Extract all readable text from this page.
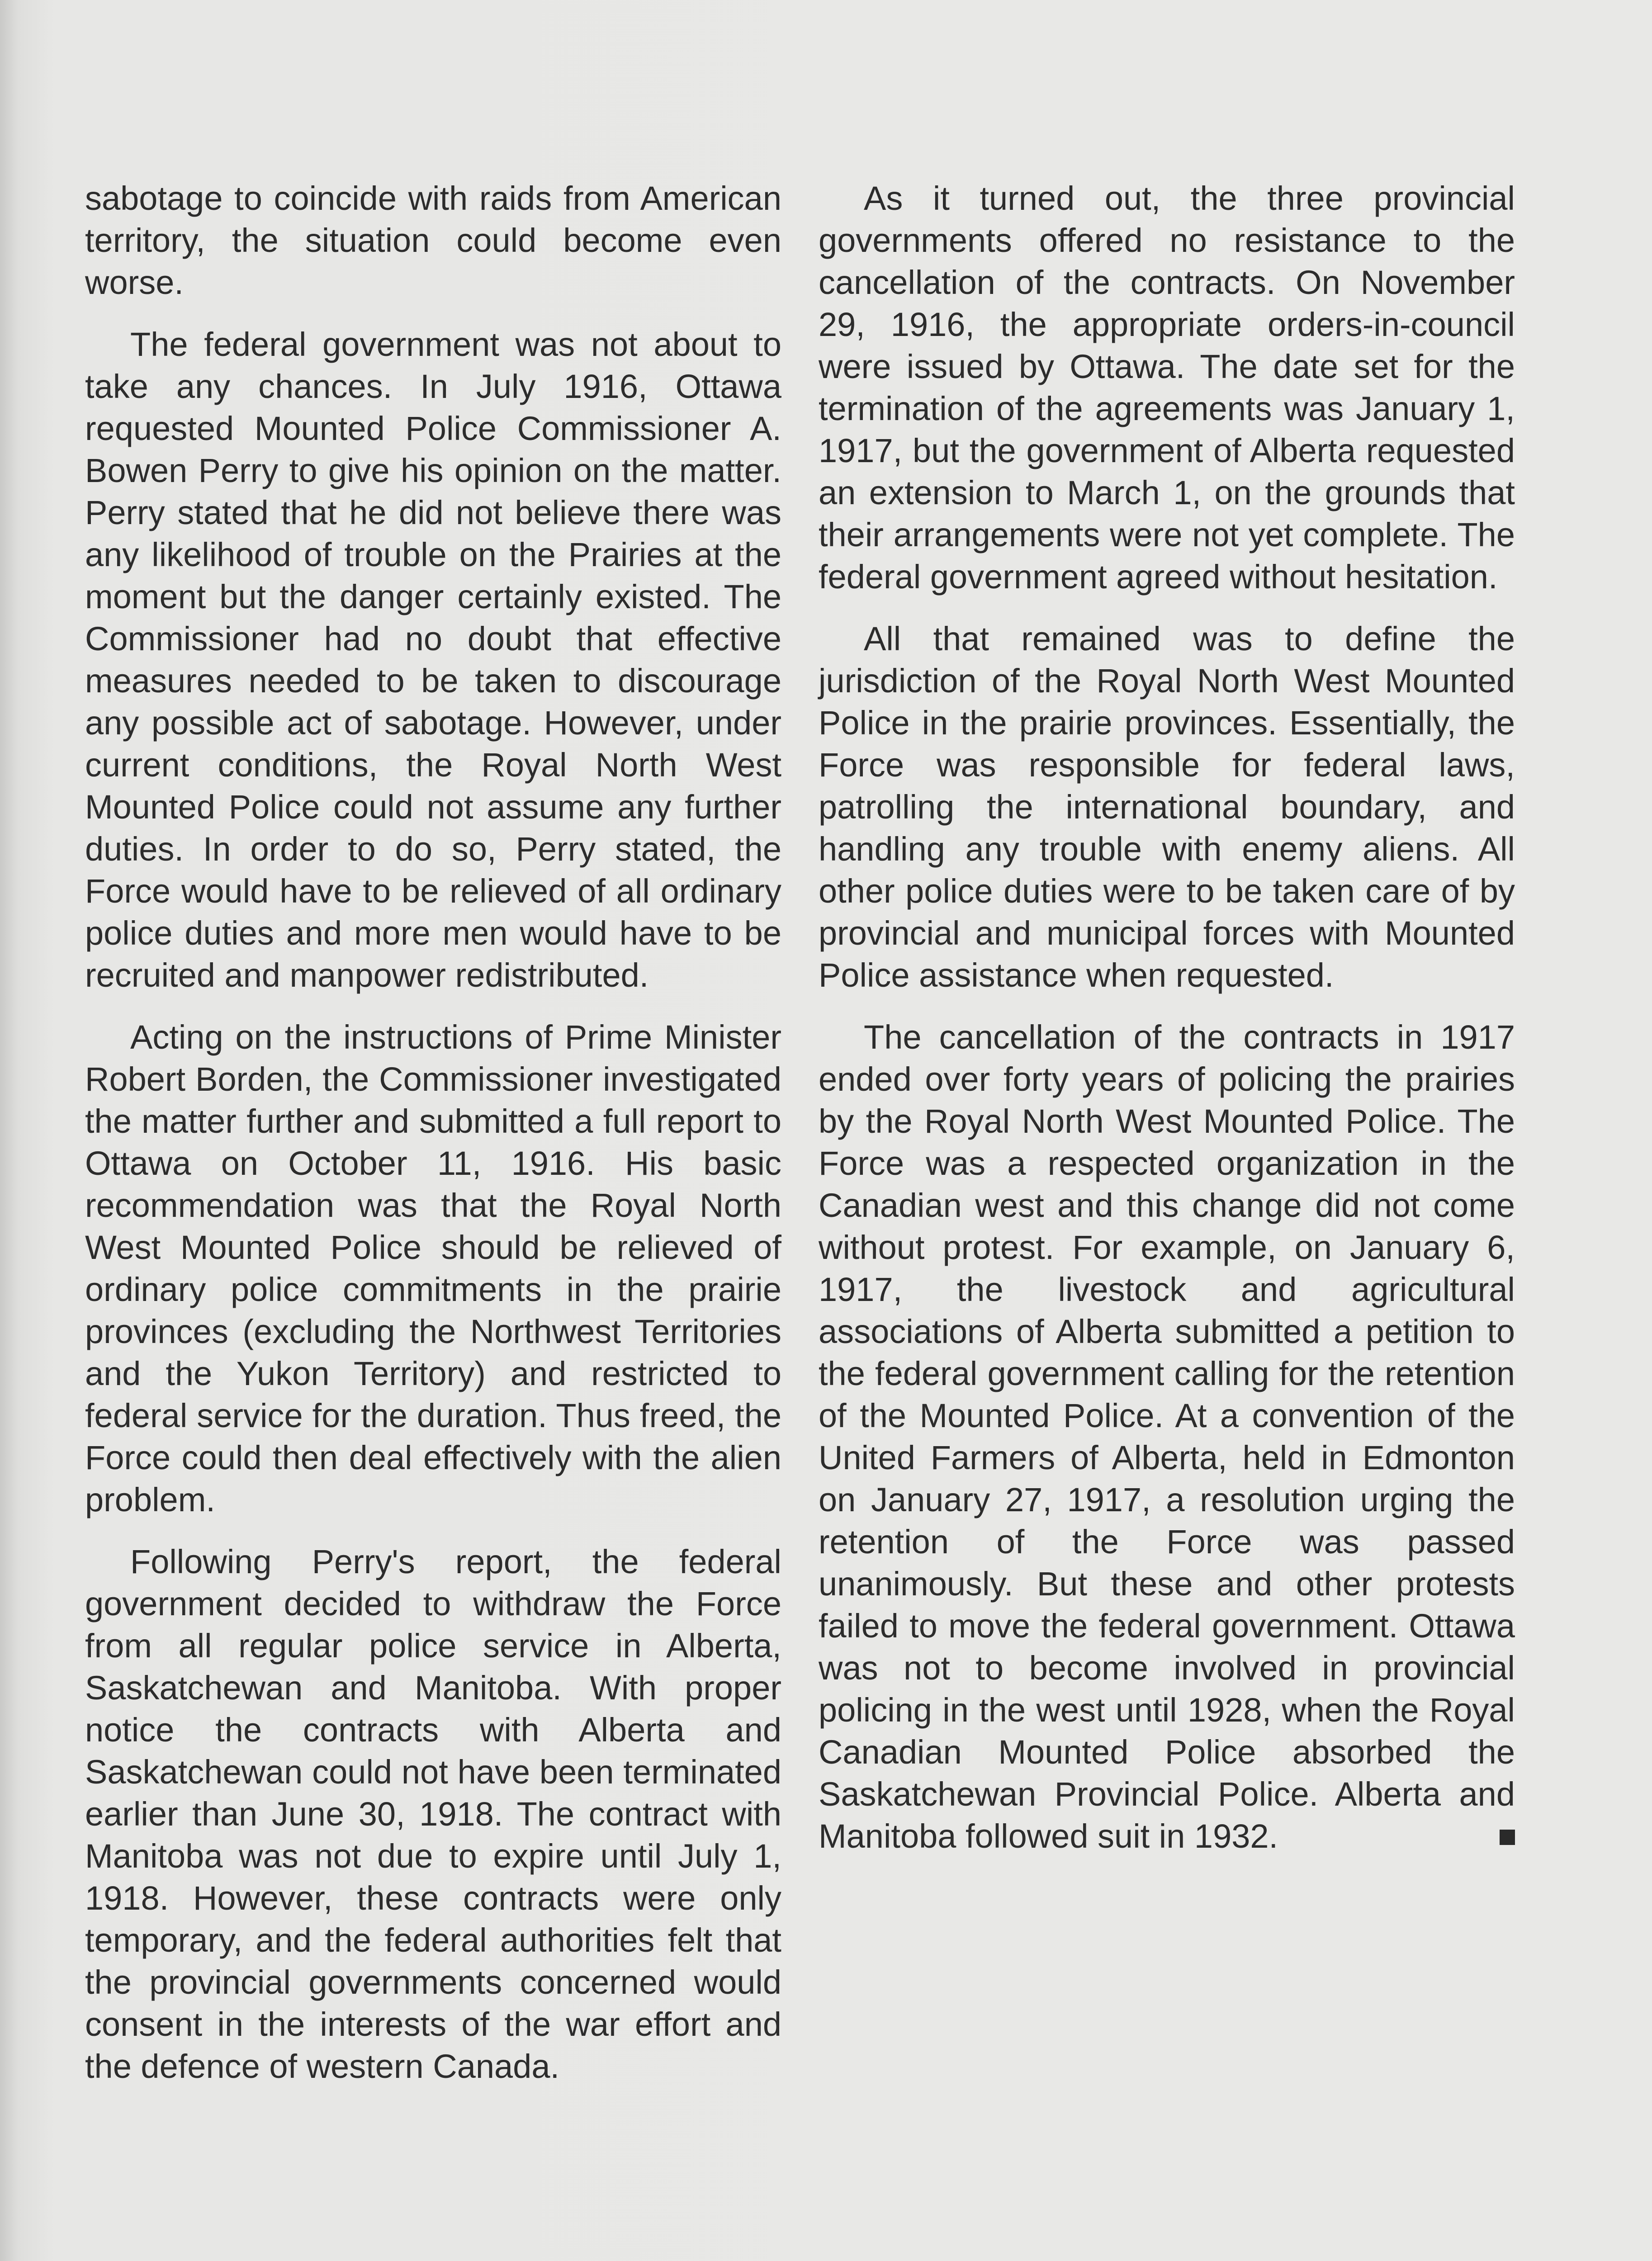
sabotage to coincide with raids from American territory, the situation could become even worse.

The federal government was not about to take any chances. In July 1916, Ottawa requested Mounted Police Commissioner A. Bowen Perry to give his opinion on the matter. Perry stated that he did not believe there was any likelihood of trouble on the Prairies at the moment but the danger certainly existed. The Commissioner had no doubt that effective measures needed to be taken to discourage any possible act of sabotage. However, under current conditions, the Royal North West Mounted Police could not assume any further duties. In order to do so, Perry stated, the Force would have to be relieved of all ordinary police duties and more men would have to be recruited and manpower redistributed.

Acting on the instructions of Prime Minister Robert Borden, the Commissioner investigated the matter further and submitted a full report to Ottawa on October 11, 1916. His basic recommendation was that the Royal North West Mounted Police should be relieved of ordinary police commitments in the prairie provinces (excluding the Northwest Territories and the Yukon Territory) and restricted to federal service for the duration. Thus freed, the Force could then deal effectively with the alien problem.

Following Perry's report, the federal government decided to withdraw the Force from all regular police service in Alberta, Saskatchewan and Manitoba. With proper notice the contracts with Alberta and Saskatchewan could not have been terminated earlier than June 30, 1918. The contract with Manitoba was not due to expire until July 1, 1918. However, these contracts were only temporary, and the federal authorities felt that the provincial governments concerned would consent in the interests of the war effort and the defence of western Canada.

As it turned out, the three provincial governments offered no resistance to the cancellation of the contracts. On November 29, 1916, the appropriate orders-in-council were issued by Ottawa. The date set for the termination of the agreements was January 1, 1917, but the government of Alberta requested an extension to March 1, on the grounds that their arrangements were not yet complete. The federal government agreed without hesitation.

All that remained was to define the jurisdiction of the Royal North West Mounted Police in the prairie provinces. Essentially, the Force was responsible for federal laws, patrolling the international boundary, and handling any trouble with enemy aliens. All other police duties were to be taken care of by provincial and municipal forces with Mounted Police assistance when requested.

The cancellation of the contracts in 1917 ended over forty years of policing the prairies by the Royal North West Mounted Police. The Force was a respected organization in the Canadian west and this change did not come without protest. For example, on January 6, 1917, the livestock and agricultural associations of Alberta submitted a petition to the federal government calling for the retention of the Mounted Police. At a convention of the United Farmers of Alberta, held in Edmonton on January 27, 1917, a resolution urging the retention of the Force was passed unanimously. But these and other protests failed to move the federal government. Ottawa was not to become involved in provincial policing in the west until 1928, when the Royal Canadian Mounted Police absorbed the Saskatchewan Provincial Police. Alberta and Manitoba followed suit in 1932.
